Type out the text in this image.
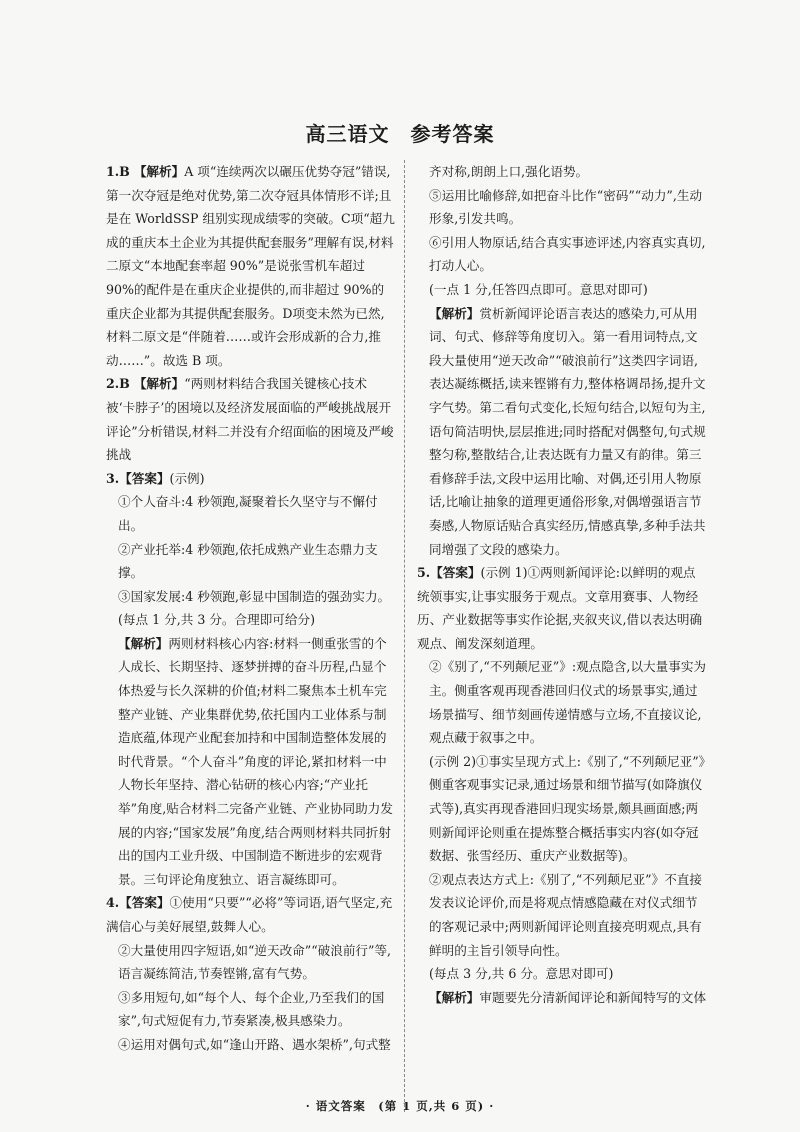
高三语文　参考答案

1.B 【解析】A 项“连续两次以碾压优势夺冠”错误,第一次夺冠是绝对优势,第二次夺冠具体情形不详;且是在 WorldSSP 组别实现成绩零的突破。C项“超九成的重庆本土企业为其提供配套服务”理解有误,材料二原文“本地配套率超 90%”是说张雪机车超过 90%的配件是在重庆企业提供的,而非超过 90%的重庆企业都为其提供配套服务。D项变未然为已然,材料二原文是“伴随着……或许会形成新的合力,推动……”。故选 B 项。

2.B 【解析】“两则材料结合我国关键核心技术被‘卡脖子’的困境以及经济发展面临的严峻挑战展开评论”分析错误,材料二并没有介绍面临的困境及严峻挑战

3.【答案】(示例)
①个人奋斗:4 秒领跑,凝聚着长久坚守与不懈付出。
②产业托举:4 秒领跑,依托成熟产业生态鼎力支撑。
③国家发展:4 秒领跑,彰显中国制造的强劲实力。
(每点 1 分,共 3 分。合理即可给分)
【解析】两则材料核心内容:材料一侧重张雪的个人成长、长期坚持、逐梦拼搏的奋斗历程,凸显个体热爱与长久深耕的价值;材料二聚焦本土机车完整产业链、产业集群优势,依托国内工业体系与制造底蕴,体现产业配套加持和中国制造整体发展的时代背景。“个人奋斗”角度的评论,紧扣材料一中人物长年坚持、潜心钻研的核心内容;“产业托举”角度,贴合材料二完备产业链、产业协同助力发展的内容;“国家发展”角度,结合两则材料共同折射出的国内工业升级、中国制造不断进步的宏观背景。三句评论角度独立、语言凝练即可。

4.【答案】①使用“只要”“必将”等词语,语气坚定,充满信心与美好展望,鼓舞人心。
②大量使用四字短语,如“逆天改命”“破浪前行”等,语言凝练简洁,节奏铿锵,富有气势。
③多用短句,如“每个人、每个企业,乃至我们的国家”,句式短促有力,节奏紧凑,极具感染力。
④运用对偶句式,如“逢山开路、遇水架桥”,句式整

齐对称,朗朗上口,强化语势。
⑤运用比喻修辞,如把奋斗比作“密码”“动力”,生动形象,引发共鸣。
⑥引用人物原话,结合真实事迹评述,内容真实真切,打动人心。
(一点 1 分,任答四点即可。意思对即可)
【解析】赏析新闻评论语言表达的感染力,可从用词、句式、修辞等角度切入。第一看用词特点,文段大量使用“逆天改命”“破浪前行”这类四字词语,表达凝练概括,读来铿锵有力,整体格调昂扬,提升文字气势。第二看句式变化,长短句结合,以短句为主,语句简洁明快,层层推进;同时搭配对偶整句,句式规整匀称,整散结合,让表达既有力量又有韵律。第三看修辞手法,文段中运用比喻、对偶,还引用人物原话,比喻让抽象的道理更通俗形象,对偶增强语言节奏感,人物原话贴合真实经历,情感真挚,多种手法共同增强了文段的感染力。

5.【答案】(示例 1)①两则新闻评论:以鲜明的观点统领事实,让事实服务于观点。文章用赛事、人物经历、产业数据等事实作论据,夹叙夹议,借以表达明确观点、阐发深刻道理。
②《别了,“不列颠尼亚”》:观点隐含,以大量事实为主。侧重客观再现香港回归仪式的场景事实,通过场景描写、细节刻画传递情感与立场,不直接议论,观点藏于叙事之中。
(示例 2)①事实呈现方式上:《别了,“不列颠尼亚”》侧重客观事实记录,通过场景和细节描写(如降旗仪式等),真实再现香港回归现实场景,颇具画面感;两则新闻评论则重在提炼整合概括事实内容(如夺冠数据、张雪经历、重庆产业数据等)。
②观点表达方式上:《别了,“不列颠尼亚”》不直接发表议论评价,而是将观点情感隐藏在对仪式细节的客观记录中;两则新闻评论则直接亮明观点,具有鲜明的主旨引领导向性。
(每点 3 分,共 6 分。意思对即可)
【解析】审题要先分清新闻评论和新闻特写的文体

· 语文答案　(第 1 页,共 6 页) ·
